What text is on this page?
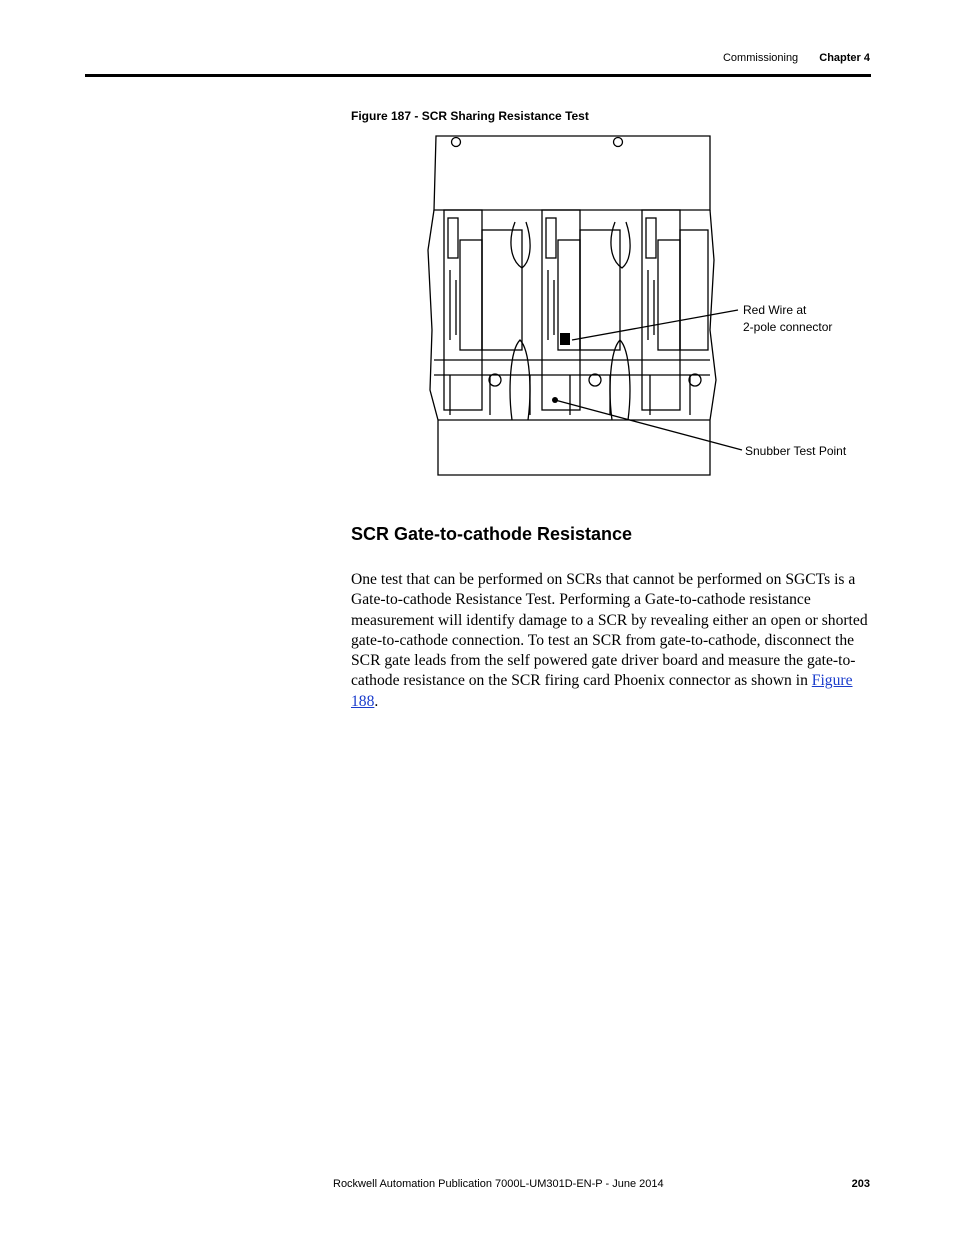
Commissioning Chapter 4
Figure 187 - SCR Sharing Resistance Test
Red Wire at
2-pole connector
Snubber Test Point
SCR Gate-to-cathode Resistance

One test that can be performed on SCRs that cannot be performed on SGCTs is a Gate-to-cathode Resistance Test. Performing a Gate-to-cathode resistance measurement will identify damage to a SCR by revealing either an open or shorted gate-to-cathode connection. To test an SCR from gate-to-cathode, disconnect the SCR gate leads from the self powered gate driver board and measure the gate-to-cathode resistance on the SCR firing card Phoenix connector as shown in Figure 188.

Rockwell Automation Publication 7000L-UM301D-EN-P - June 2014	203
